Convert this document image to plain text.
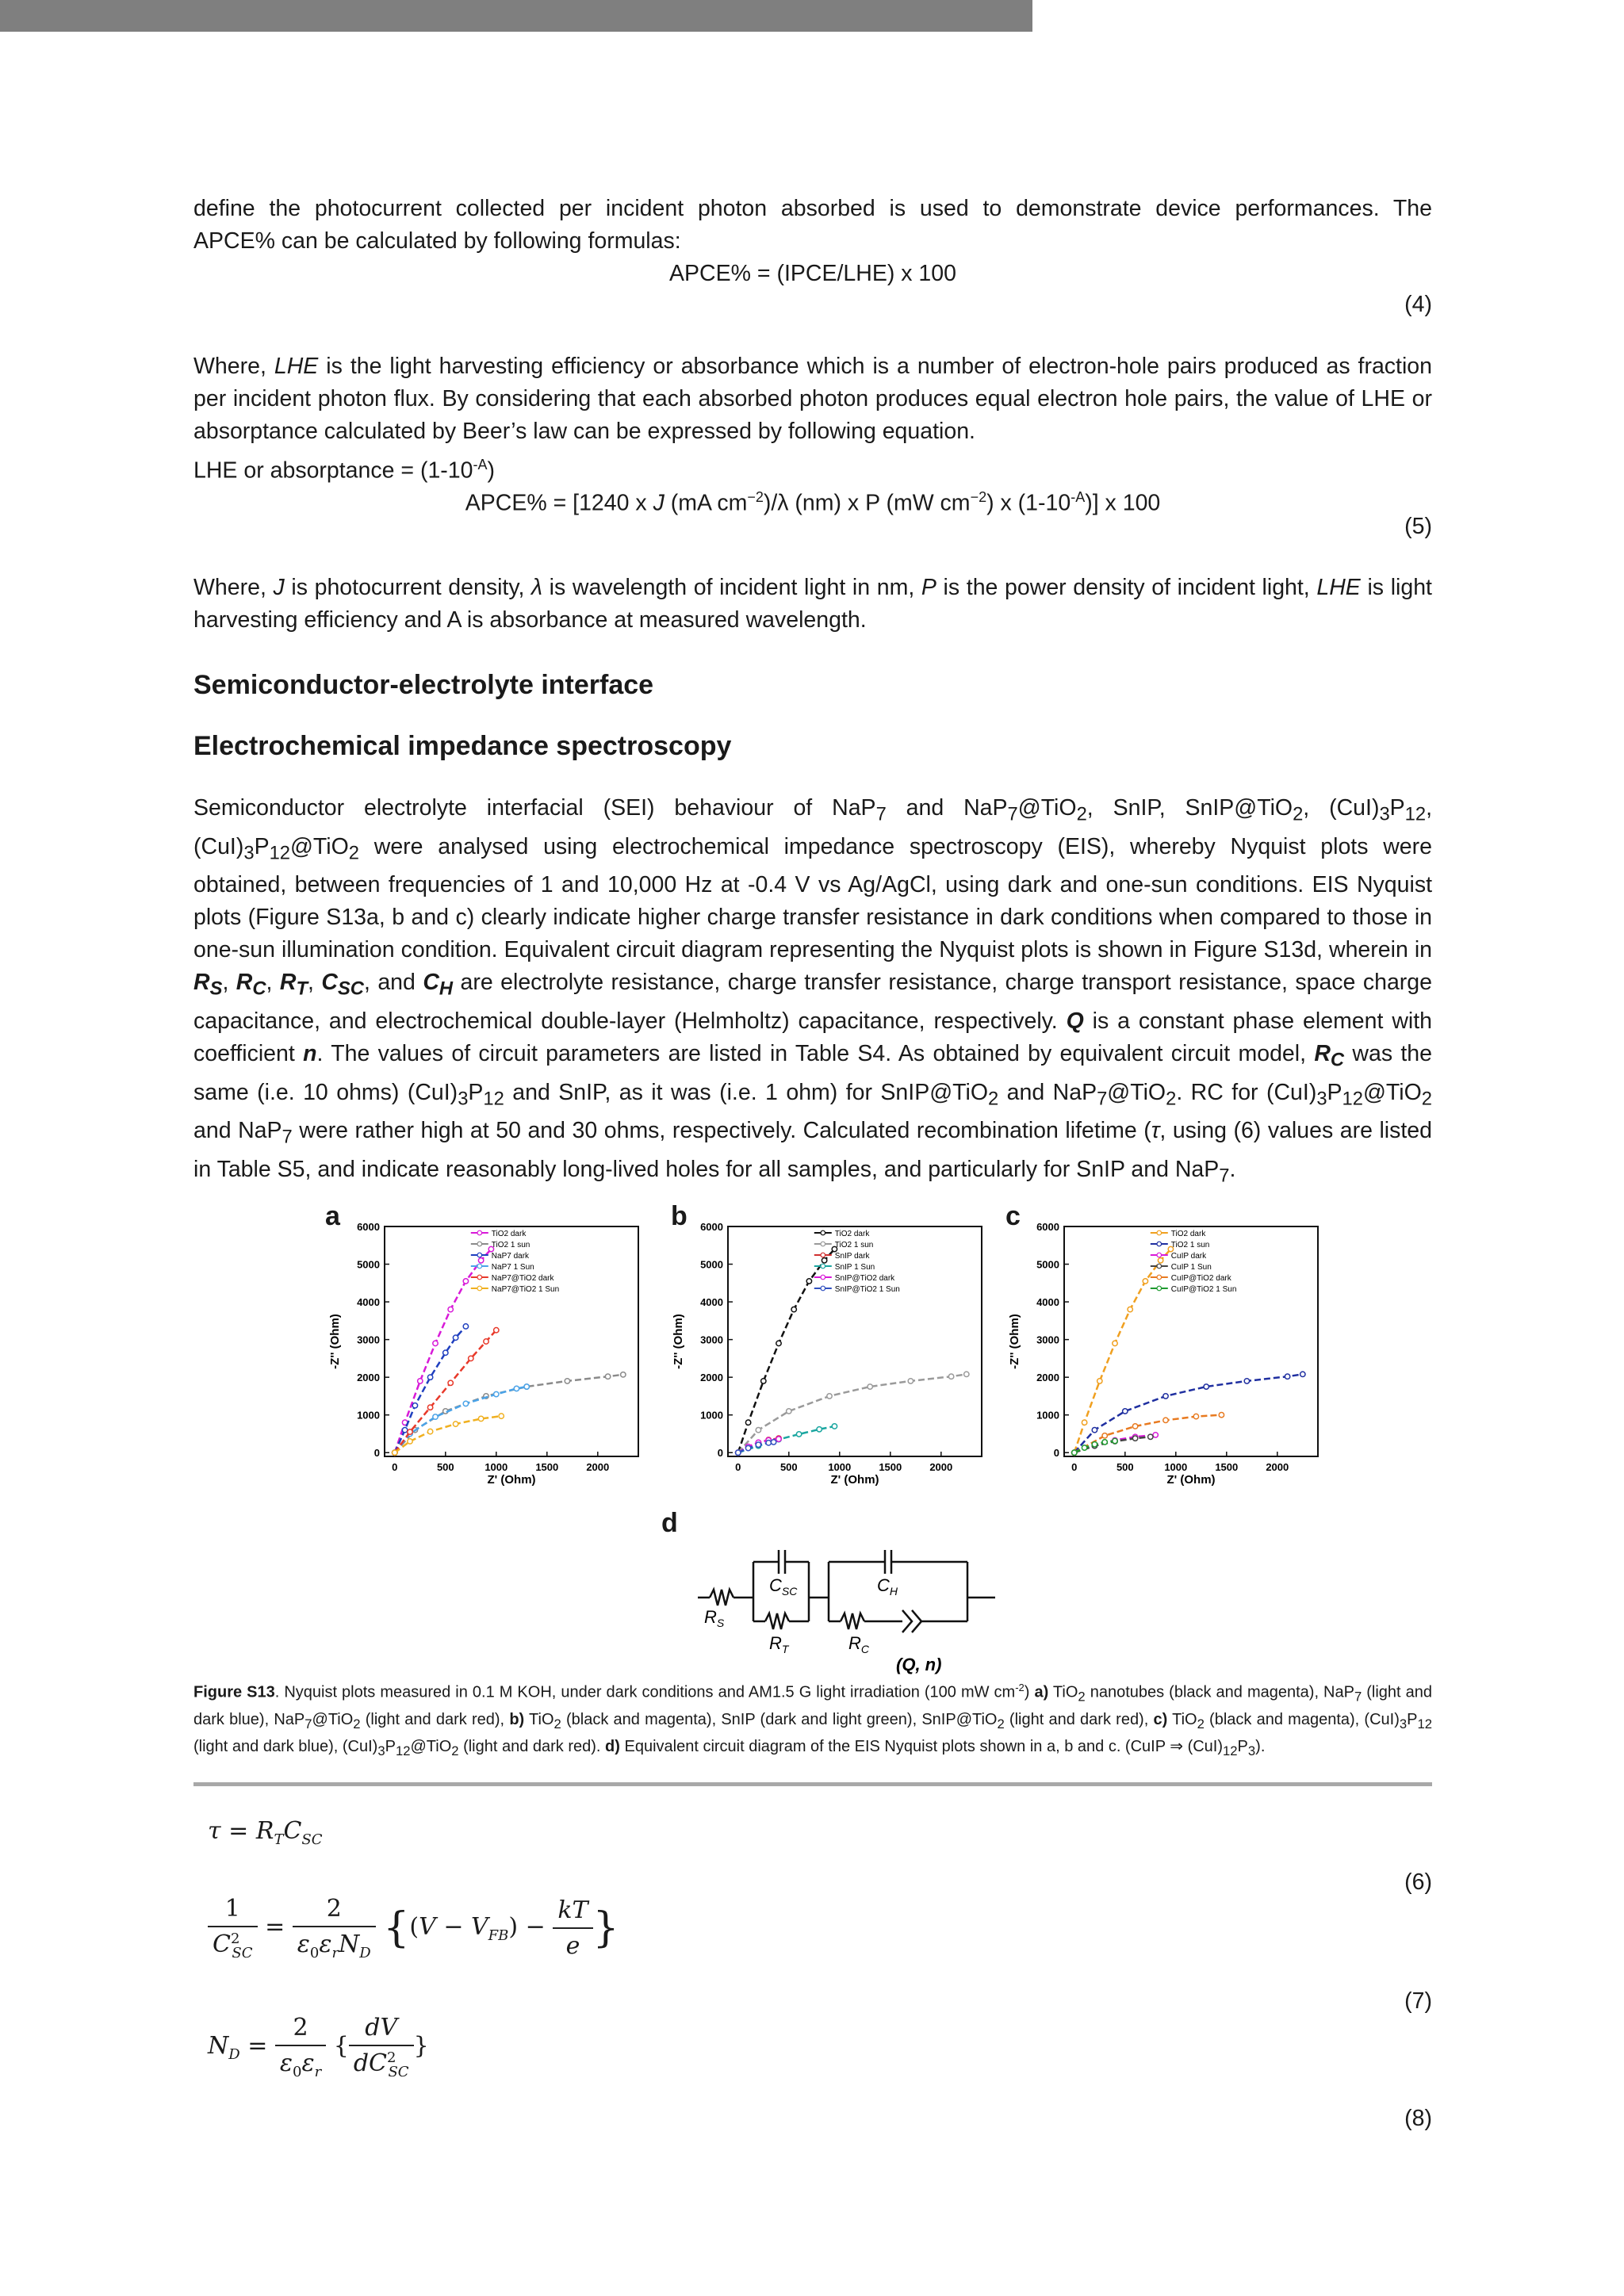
define the photocurrent collected per incident photon absorbed is used to demonstrate device performances. The
APCE% can be calculated by following formulas:
APCE% = (IPCE/LHE) x 100
(4)
Where, LHE is the light harvesting efficiency or absorbance which is a number of electron-hole pairs produced as fraction per incident photon flux. By considering that each absorbed photon produces equal electron hole pairs, the value of LHE or absorptance calculated by Beer’s law can be expressed by following equation.
LHE or absorptance = $(1-10^{-A})$
APCE% = [1240 x J (mA $cm^{-2})/\lambda$ (nm) x P (mW $cm^{-2}$) x $(1-10^{-A})$] x 100
(5)
Where, J is photocurrent density, λ is wavelength of incident light in nm, P is the power density of incident light, LHE is light harvesting efficiency and A is absorbance at measured wavelength.
Semiconductor-electrolyte interface
Electrochemical impedance spectroscopy
Semiconductor electrolyte interfacial (SEI) behaviour of NaP$_7$ and NaP$_7$@TiO$_2$, SnIP, SnIP@TiO$_2$, $(CuI)_3P_{12}$, $(CuI)_3P_{12}@TiO_2$ were analysed using electrochemical impedance spectroscopy (EIS), whereby Nyquist plots were obtained, between frequencies of 1 and 10,000 Hz at -0.4 V vs Ag/AgCl, using dark and one-sun conditions. EIS Nyquist plots (Figure S13a, b and c) clearly indicate higher charge transfer resistance in dark conditions when compared to those in one-sun illumination condition. Equivalent circuit diagram representing the Nyquist plots is shown in Figure S13d, wherein in $R_S$, $R_C$, $R_T$, $C_{SC}$, and $C_H$ are electrolyte resistance, charge transfer resistance, charge transport resistance, space charge capacitance, and electrochemical double-layer (Helmholtz) capacitance, respectively. Q is a constant phase element with coefficient n. The values of circuit parameters are listed in Table S4. As obtained by equivalent circuit model, $R_C$ was the same (i.e. 10 ohms) $(CuI)_3P_{12}$ and SnIP, as it was (i.e. 1 ohm) for SnIP@TiO$_2$ and NaP$_7$@TiO$_2$. RC for $(CuI)_3P_{12}@TiO_2$ and NaP$_7$ were rather high at 50 and 30 ohms, respectively. Calculated recombination lifetime (τ, using (6) values are listed in Table S5, and indicate reasonably long-lived holes for all samples, and particularly for SnIP and NaP$_7$.
a	b	c
d
0	500	1000	1500	2000
0
1000
2000
3000
4000
5000
6000
Z' (Ohm)
-Z'' (Ohm)
TiO2 dark
TiO2 1 sun
NaP7 dark
NaP7 1 Sun
NaP7@TiO2 dark
NaP7@TiO2 1 Sun
0	500	1000	1500	2000
0
1000
2000
3000
4000
5000
6000
Z' (Ohm)
-Z'' (Ohm)
TiO2 dark
TiO2 1 sun
SnIP dark
SnIP 1 Sun
SnIP@TiO2 dark
SnIP@TiO2 1 Sun
0	500	1000	1500	2000
0
1000
2000
3000
4000
5000
6000
Z' (Ohm)
-Z'' (Ohm)
TiO2 dark
TiO2 1 sun
CuIP dark
CuIP 1 Sun
CuIP@TiO2 dark
CuIP@TiO2 1 Sun
$R_S$
$C_{SC}$	$C_H$
$R_T$	$R_C$
(Q, n)
Figure S13. Nyquist plots measured in 0.1 M KOH, under dark conditions and AM1.5 G light irradiation (100 mW $cm^{-2}$) a) TiO$_2$ nanotubes (black and magenta), NaP$_7$ (light and dark blue), NaP$_7$@TiO$_2$ (light and dark red), b) TiO$_2$ (black and magenta), SnIP (dark and light green), SnIP@TiO$_2$ (light and dark red), c) TiO$_2$ (black and magenta), $(CuI)_3P_{12}$ (light and dark blue), $(CuI)_3P_{12}@TiO_2$ (light and dark red). d) Equivalent circuit diagram of the EIS Nyquist plots shown in a, b and c. (CuIP ⇒ $(CuI)_{12}P_3$).
$\tau = R_TC_{SC}$
(6)
$\frac{1}{C^2_{SC}} = \frac{2}{\varepsilon_0\varepsilon_rN_D} \{(V - V_{FB}) - \frac{kT}{e}$ }
(7)
$N_D = \frac{2}{\varepsilon_0\varepsilon_r}$ { $\frac{dV}{dC^2_{SC}}$ }
(8)
